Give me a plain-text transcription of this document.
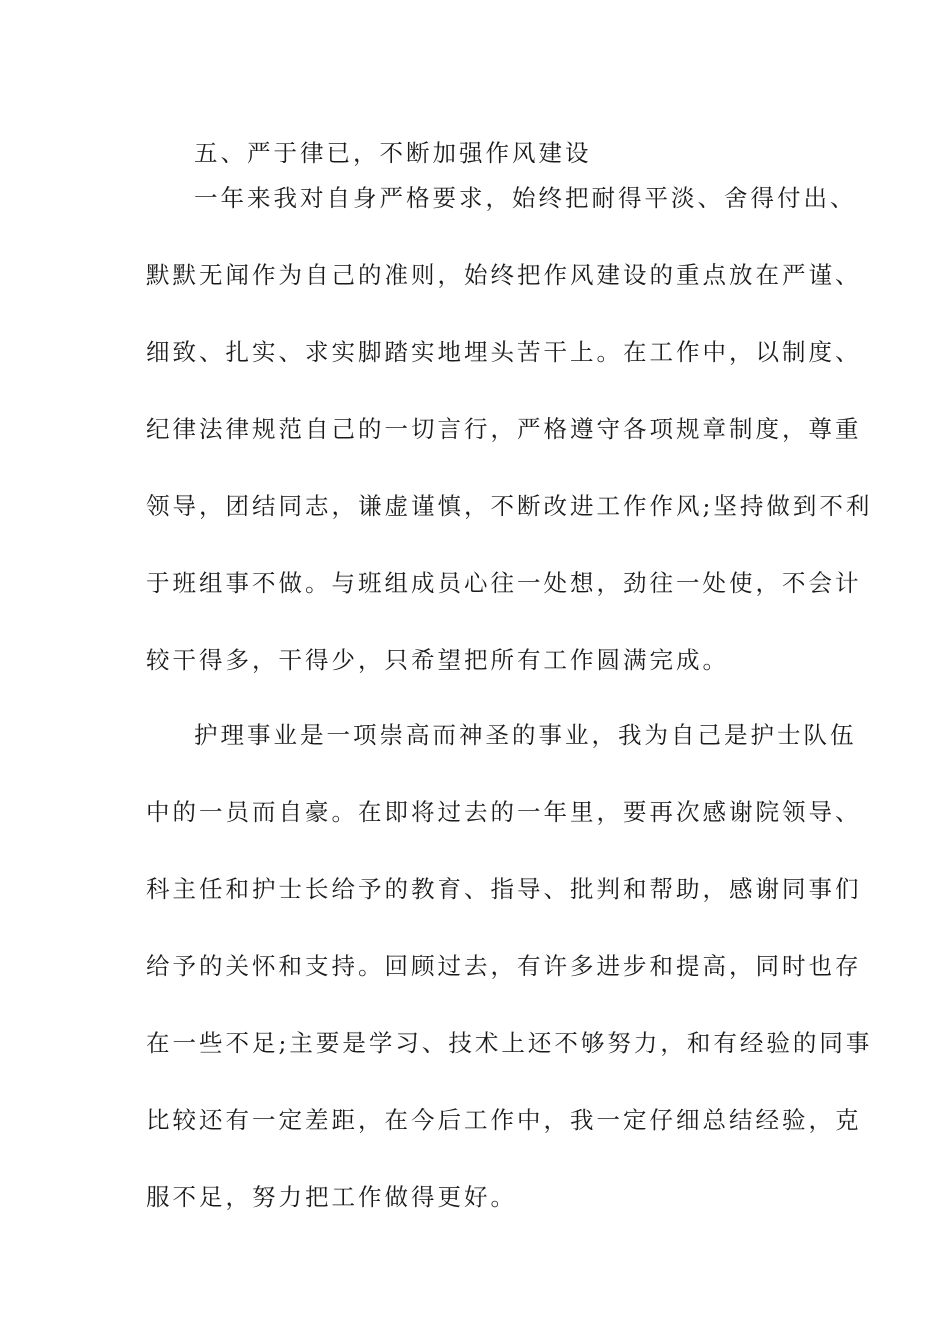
五、严于律已，不断加强作风建设
一年来我对自身严格要求，始终把耐得平淡、舍得付出、
默默无闻作为自己的准则，始终把作风建设的重点放在严谨、
细致、扎实、求实脚踏实地埋头苦干上。在工作中，以制度、
纪律法律规范自己的一切言行，严格遵守各项规章制度，尊重
领导，团结同志，谦虚谨慎，不断改进工作作风;坚持做到不利
于班组事不做。与班组成员心往一处想，劲往一处使，不会计
较干得多，干得少，只希望把所有工作圆满完成。
护理事业是一项崇高而神圣的事业，我为自己是护士队伍
中的一员而自豪。在即将过去的一年里，要再次感谢院领导、
科主任和护士长给予的教育、指导、批判和帮助，感谢同事们
给予的关怀和支持。回顾过去，有许多进步和提高，同时也存
在一些不足;主要是学习、技术上还不够努力，和有经验的同事
比较还有一定差距，在今后工作中，我一定仔细总结经验，克
服不足，努力把工作做得更好。
